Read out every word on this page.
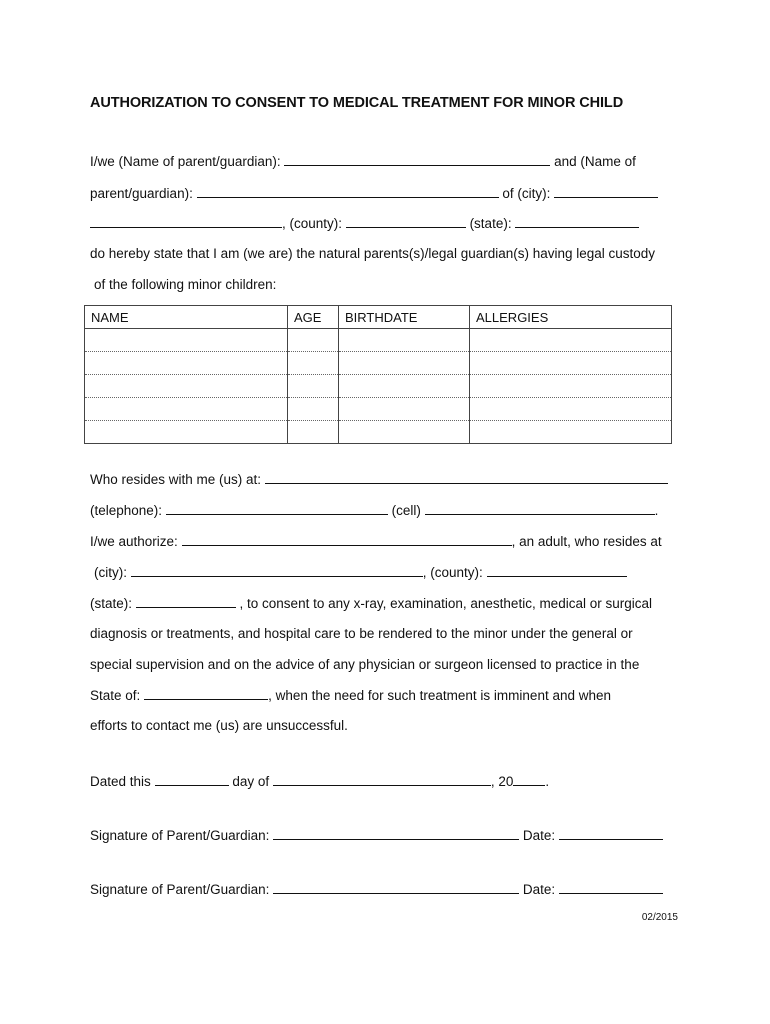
AUTHORIZATION TO CONSENT TO MEDICAL TREATMENT FOR MINOR CHILD
I/we (Name of parent/guardian):	and (Name of
parent/guardian):	of (city):
, (county):	(state):
do hereby state that I am (we are) the natural parents(s)/legal guardian(s) having legal custody
of the following minor children:
NAME	AGE	BIRTHDATE	ALLERGIES

Who resides with me (us) at:
(telephone):	(cell)	.
I/we authorize:	, an adult, who resides at
(city):	, (county):
(state):	, to consent to any x-ray, examination, anesthetic, medical or surgical
diagnosis or treatments, and hospital care to be rendered to the minor under the general or
special supervision and on the advice of any physician or surgeon licensed to practice in the
State of:	, when the need for such treatment is imminent and when
efforts to contact me (us) are unsuccessful.
Dated this	day of	, 20 .
Signature of Parent/Guardian:	Date:
Signature of Parent/Guardian:	Date:
02/2015
